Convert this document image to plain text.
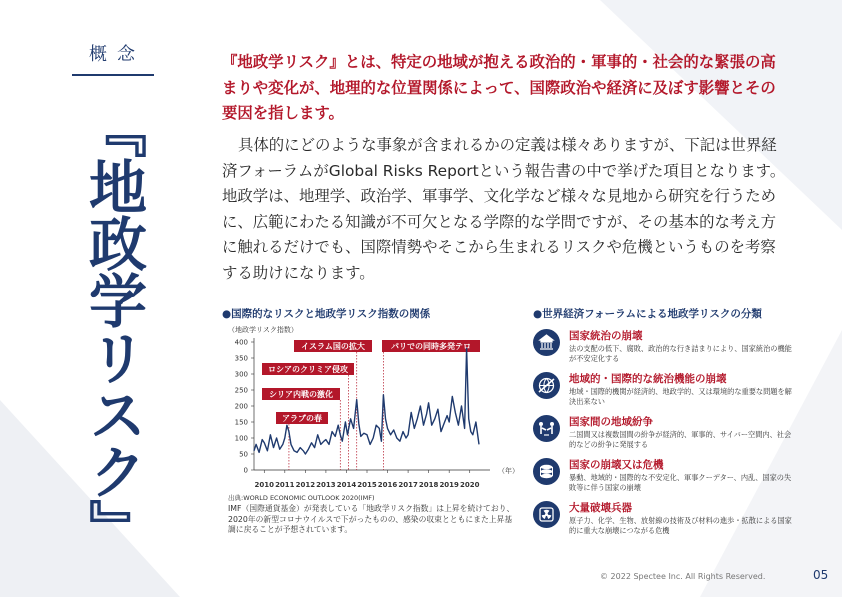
概念
『地政学リスク』
『地政学リスク』とは、特定の地域が抱える政治的・軍事的・社会的な緊張の高まりや変化が、地理的な位置関係によって、国際政治や経済に及ぼす影響とその要因を指します。
具体的にどのような事象が含まれるかの定義は様々ありますが、下記は世界経済フォーラムがGlobal Risks Reportという報告書の中で挙げた項目となります。地政学は、地理学、政治学、軍事学、文化学など様々な見地から研究を行うために、広範にわたる知識が不可欠となる学際的な学問ですが、その基本的な考え方に触れるだけでも、国際情勢やそこから生まれるリスクや危機というものを考察する助けになります。
●国際的なリスクと地政学リスク指数の関係
（地政学リスク指数）
0
50
100
150
200
250
300
350
400
2010 2011 2012 2013 2014 2015 2016 2017 2018 2019 2020
（年）
イスラム国の拡大	パリでの同時多発テロ
ロシアのクリミア侵攻
シリア内戦の激化
アラブの春
出典:WORLD ECONOMIC OUTLOOK 2020(IMF)
IMF（国際通貨基金）が発表している「地政学リスク指数」は上昇を続けており、2020年の新型コロナウイルスで下がったものの、感染の収束とともにまた上昇基調に戻ることが予想されています。
●世界経済フォーラムによる地政学リスクの分類
国家統治の崩壊
法の支配の低下、腐敗、政治的な行き詰まりにより、国家統治の機能が不安定化する
地域的・国際的な統治機能の崩壊
地域・国際的機関が経済的、地政学的、又は環境的な重要な問題を解決出来ない
国家間の地域紛争
二国間又は複数国間の紛争が経済的、軍事的、サイバー空間内、社会的などの紛争に発展する
国家の崩壊又は危機
暴動、地域的・国際的な不安定化、軍事クーデター、内乱、国家の失敗等に伴う国家の崩壊
大量破壊兵器
原子力、化学、生物、放射線の技術及び材料の進歩・拡散による国家的に重大な崩壊につながる危機
© 2022 Spectee Inc. All Rights Reserved.	05
